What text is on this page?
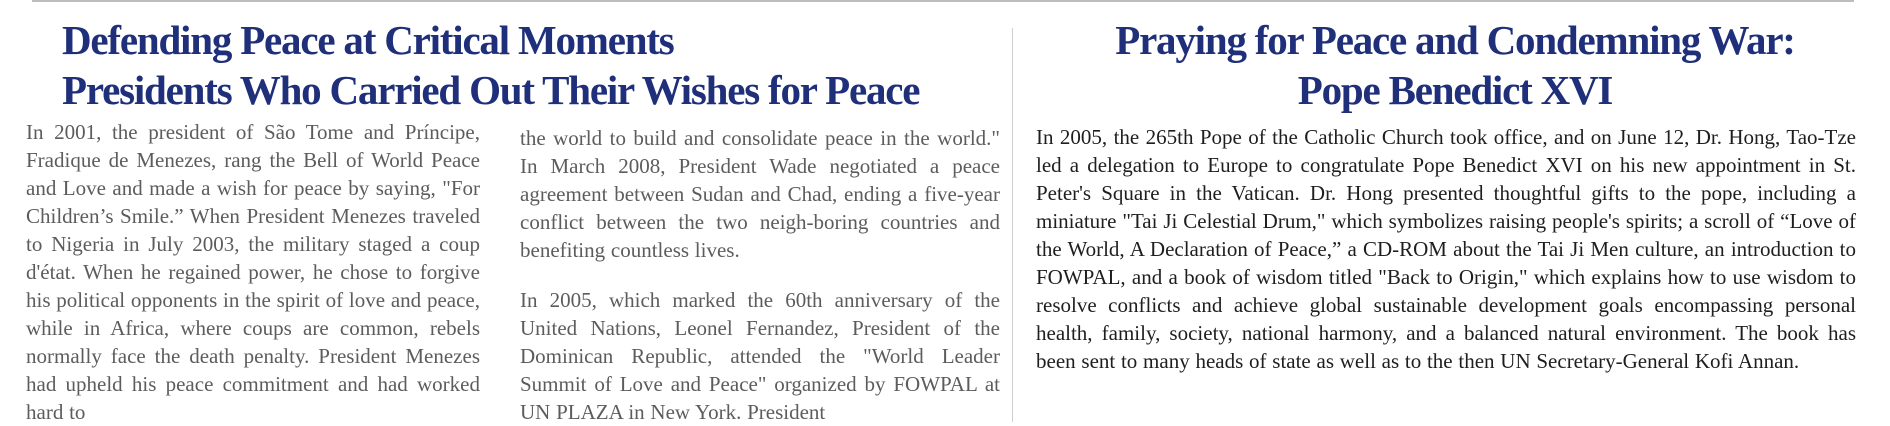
Defending Peace at Critical Moments
Presidents Who Carried Out Their Wishes for Peace

In 2001, the president of São Tome and Príncipe, Fradique de Menezes, rang the Bell of World Peace and Love and made a wish for peace by saying, "For Children’s Smile.” When President Menezes traveled to Nigeria in July 2003, the military staged a coup d'état. When he regained power, he chose to forgive his political opponents in the spirit of love and peace, while in Africa, where coups are common, rebels normally face the death penalty. President Menezes had upheld his peace commitment and had worked hard to

the world to build and consolidate peace in the world." In March 2008, President Wade negotiated a peace agreement between Sudan and Chad, ending a five-year conflict between the two neigh-boring countries and benefiting countless lives.

In 2005, which marked the 60th anniversary of the United Nations, Leonel Fernandez, President of the Dominican Republic, attended the "World Leader Summit of Love and Peace" organized by FOWPAL at UN PLAZA in New York. President

Praying for Peace and Condemning War:
Pope Benedict XVI

In 2005, the 265th Pope of the Catholic Church took office, and on June 12, Dr. Hong, Tao-Tze led a delegation to Europe to congratulate Pope Benedict XVI on his new appointment in St. Peter's Square in the Vatican. Dr. Hong presented thoughtful gifts to the pope, including a miniature "Tai Ji Celestial Drum," which symbolizes raising people's spirits; a scroll of “Love of the World, A Declaration of Peace,” a CD-ROM about the Tai Ji Men culture, an introduction to FOWPAL, and a book of wisdom titled "Back to Origin," which explains how to use wisdom to resolve conflicts and achieve global sustainable development goals encompassing personal health, family, society, national harmony, and a balanced natural environment. The book has been sent to many heads of state as well as to the then UN Secretary-General Kofi Annan.
